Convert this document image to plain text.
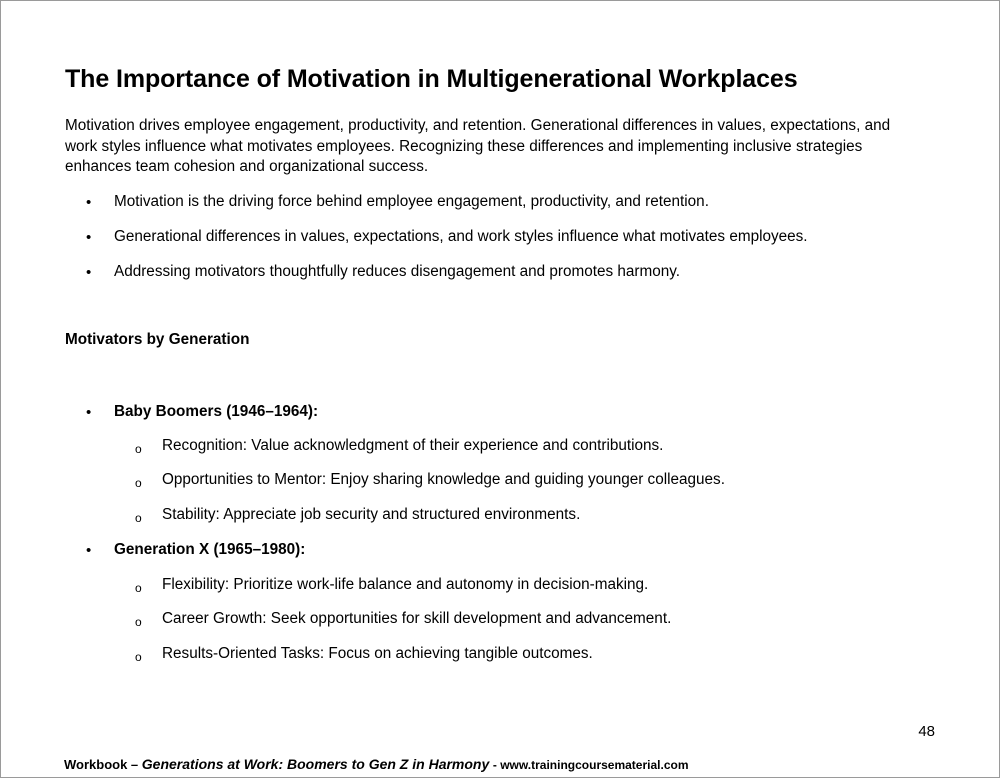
The Importance of Motivation in Multigenerational Workplaces

Motivation drives employee engagement, productivity, and retention. Generational differences in values, expectations, and work styles influence what motivates employees. Recognizing these differences and implementing inclusive strategies enhances team cohesion and organizational success.

• Motivation is the driving force behind employee engagement, productivity, and retention.
• Generational differences in values, expectations, and work styles influence what motivates employees.
• Addressing motivators thoughtfully reduces disengagement and promotes harmony.
Motivators by Generation
• Baby Boomers (1946–1964):
o Recognition: Value acknowledgment of their experience and contributions.
o Opportunities to Mentor: Enjoy sharing knowledge and guiding younger colleagues.
o Stability: Appreciate job security and structured environments.
• Generation X (1965–1980):
o Flexibility: Prioritize work-life balance and autonomy in decision-making.
o Career Growth: Seek opportunities for skill development and advancement.
o Results-Oriented Tasks: Focus on achieving tangible outcomes.
48
Workbook – Generations at Work: Boomers to Gen Z in Harmony - www.trainingcoursematerial.com
